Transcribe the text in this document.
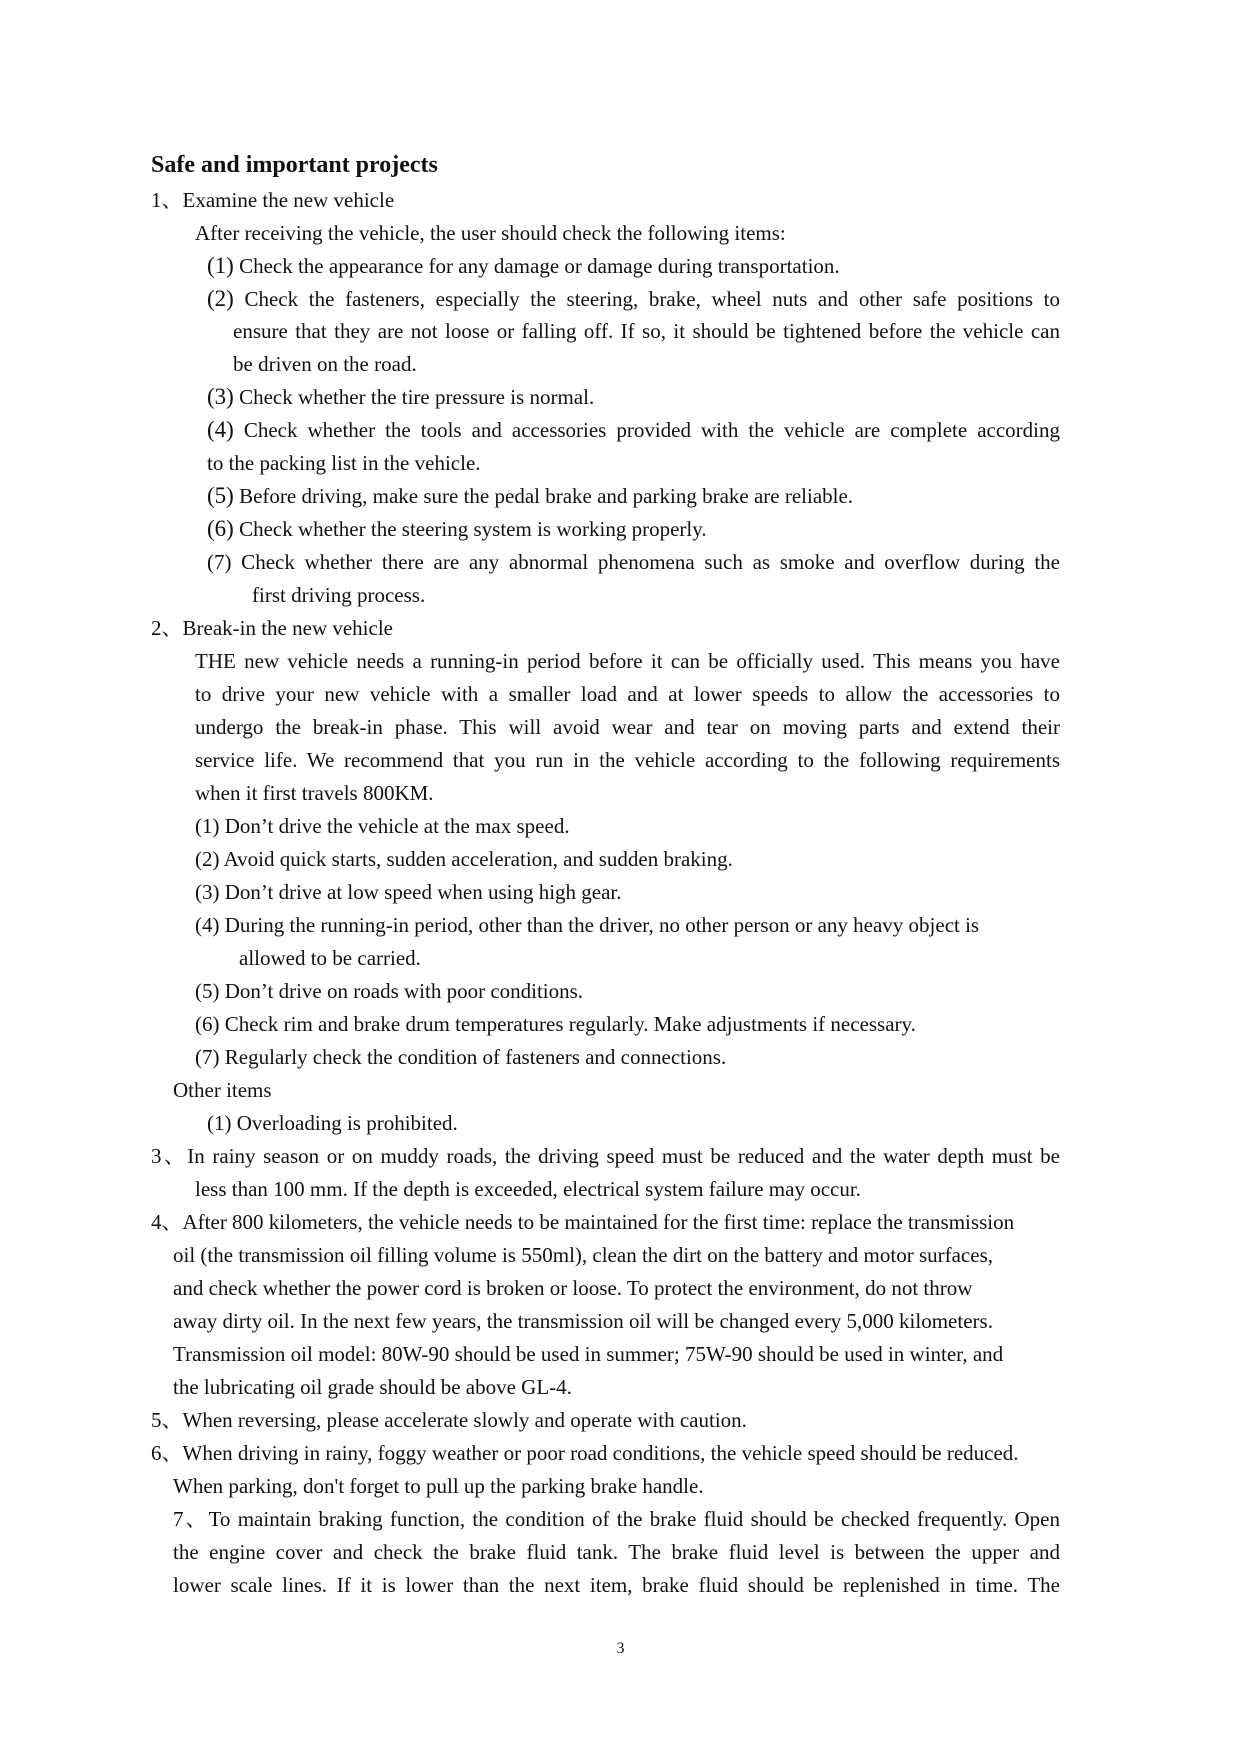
Safe and important projects
1、Examine the new vehicle
After receiving the vehicle, the user should check the following items:
(1) Check the appearance for any damage or damage during transportation.
(2) Check the fasteners, especially the steering, brake, wheel nuts and other safe positions to
ensure that they are not loose or falling off. If so, it should be tightened before the vehicle can
be driven on the road.
(3) Check whether the tire pressure is normal.
(4) Check whether the tools and accessories provided with the vehicle are complete according
to the packing list in the vehicle.
(5) Before driving, make sure the pedal brake and parking brake are reliable.
(6) Check whether the steering system is working properly.
(7) Check whether there are any abnormal phenomena such as smoke and overflow during the
first driving process.
2、Break-in the new vehicle
THE new vehicle needs a running-in period before it can be officially used. This means you have
to drive your new vehicle with a smaller load and at lower speeds to allow the accessories to
undergo the break-in phase. This will avoid wear and tear on moving parts and extend their
service life. We recommend that you run in the vehicle according to the following requirements
when it first travels 800KM.
(1) Don’t drive the vehicle at the max speed.
(2) Avoid quick starts, sudden acceleration, and sudden braking.
(3) Don’t drive at low speed when using high gear.
(4) During the running-in period, other than the driver, no other person or any heavy object is
allowed to be carried.
(5) Don’t drive on roads with poor conditions.
(6) Check rim and brake drum temperatures regularly. Make adjustments if necessary.
(7) Regularly check the condition of fasteners and connections.
Other items
(1) Overloading is prohibited.
3、In rainy season or on muddy roads, the driving speed must be reduced and the water depth must be
less than 100 mm. If the depth is exceeded, electrical system failure may occur.
4、After 800 kilometers, the vehicle needs to be maintained for the first time: replace the transmission
oil (the transmission oil filling volume is 550ml), clean the dirt on the battery and motor surfaces,
and check whether the power cord is broken or loose. To protect the environment, do not throw
away dirty oil. In the next few years, the transmission oil will be changed every 5,000 kilometers.
Transmission oil model: 80W-90 should be used in summer; 75W-90 should be used in winter, and
the lubricating oil grade should be above GL-4.
5、When reversing, please accelerate slowly and operate with caution.
6、When driving in rainy, foggy weather or poor road conditions, the vehicle speed should be reduced.
When parking, don't forget to pull up the parking brake handle.
7、To maintain braking function, the condition of the brake fluid should be checked frequently. Open
the engine cover and check the brake fluid tank. The brake fluid level is between the upper and
lower scale lines. If it is lower than the next item, brake fluid should be replenished in time. The
3
